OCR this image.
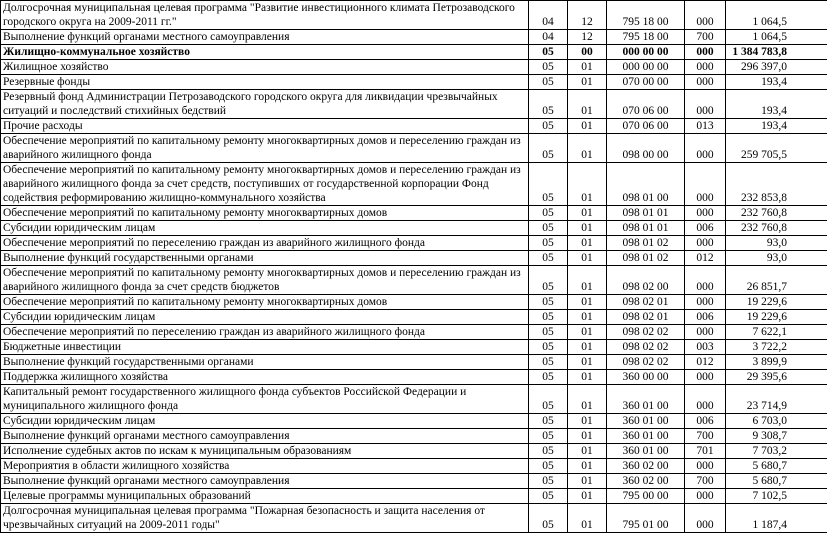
Долгосрочная муниципальная целевая программа "Развитие инвестиционного климата Петрозаводского городского округа на 2009-2011 гг."	04	12	795 18 00	000	1 064,5
Выполнение функций органами местного самоуправления	04	12	795 18 00	700	1 064,5
Жилищно-коммунальное хозяйство	05	00	000 00 00	000	1 384 783,8
Жилищное хозяйство	05	01	000 00 00	000	296 397,0
Резервные фонды	05	01	070 00 00	000	193,4
Резервный фонд Администрации Петрозаводского городского округа для ликвидации чрезвычайных ситуаций и последствий стихийных бедствий	05	01	070 06 00	000	193,4
Прочие расходы	05	01	070 06 00	013	193,4
Обеспечение мероприятий по капитальному ремонту многоквартирных домов и переселению граждан из аварийного жилищного фонда	05	01	098 00 00	000	259 705,5
Обеспечение мероприятий по капитальному ремонту многоквартирных домов и переселению граждан из аварийного жилищного фонда за счет средств, поступивших от государственной корпорации Фонд содействия реформированию жилищно-коммунального хозяйства	05	01	098 01 00	000	232 853,8
Обеспечение мероприятий по капитальному ремонту многоквартирных домов	05	01	098 01 01	000	232 760,8
Субсидии юридическим лицам	05	01	098 01 01	006	232 760,8
Обеспечение мероприятий по переселению граждан из аварийного жилищного фонда	05	01	098 01 02	000	93,0
Выполнение функций государственными органами	05	01	098 01 02	012	93,0
Обеспечение мероприятий по капитальному ремонту многоквартирных домов и переселению граждан из аварийного жилищного фонда за счет средств бюджетов	05	01	098 02 00	000	26 851,7
Обеспечение мероприятий по капитальному ремонту многоквартирных домов	05	01	098 02 01	000	19 229,6
Субсидии юридическим лицам	05	01	098 02 01	006	19 229,6
Обеспечение мероприятий по переселению граждан из аварийного жилищного фонда	05	01	098 02 02	000	7 622,1
Бюджетные инвестиции	05	01	098 02 02	003	3 722,2
Выполнение функций государственными органами	05	01	098 02 02	012	3 899,9
Поддержка жилищного хозяйства	05	01	360 00 00	000	29 395,6
Капитальный ремонт государственного жилищного фонда субъектов Российской Федерации и муниципального жилищного фонда	05	01	360 01 00	000	23 714,9
Субсидии юридическим лицам	05	01	360 01 00	006	6 703,0
Выполнение функций органами местного самоуправления	05	01	360 01 00	700	9 308,7
Исполнение судебных актов по искам к муниципальным образованиям	05	01	360 01 00	701	7 703,2
Мероприятия в области жилищного хозяйства	05	01	360 02 00	000	5 680,7
Выполнение функций органами местного самоуправления	05	01	360 02 00	700	5 680,7
Целевые программы муниципальных образований	05	01	795 00 00	000	7 102,5
Долгосрочная муниципальная целевая программа "Пожарная безопасность и защита населения от чрезвычайных ситуаций на 2009-2011 годы"	05	01	795 01 00	000	1 187,4
